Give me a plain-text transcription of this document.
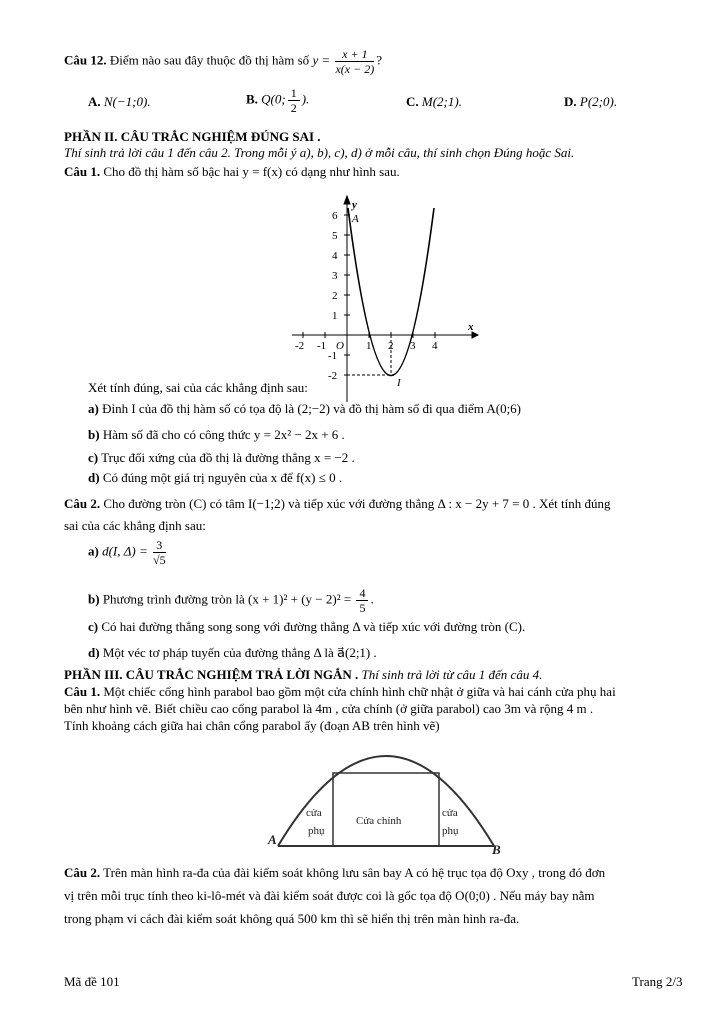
Câu 12. Điểm nào sau đây thuộc đồ thị hàm số $y = \frac{x + 1}{x(x - 2)}$ ?
A. N(−1;0).	B. Q(0; $\frac{1}{2}$ ).	C. M(2;1).	D. P(2;0).
PHẦN II. CÂU TRẮC NGHIỆM ĐÚNG SAI .
Thí sinh trả lời câu 1 đến câu 2. Trong mỗi ý a), b), c), d) ở mỗi câu, thí sinh chọn Đúng hoặc Sai.
Câu 1. Cho đồ thị hàm số bậc hai y = f(x) có dạng như hình sau.
6
5
4
3
2
1
-1
-2
-2 -1	1 2 3 4
O
y
x
A
I
Xét tính đúng, sai của các khẳng định sau:
a) Đỉnh I của đồ thị hàm số có tọa độ là (2;−2) và đồ thị hàm số đi qua điểm A(0;6)
b) Hàm số đã cho có công thức y = 2x² − 2x + 6 .
c) Trục đối xứng của đồ thị là đường thẳng x = −2 .
d) Có đúng một giá trị nguyên của x để f(x) ≤ 0 .
Câu 2. Cho đường tròn (C) có tâm I(−1;2) và tiếp xúc với đường thẳng Δ : x − 2y + 7 = 0 . Xét tính đúng
sai của các khẳng định sau:
a) d(I, $\Delta) = \frac{3}{√5}$
b) Phương trình đường tròn là $(x + 1)^2 + (y - 2)^2 = \frac{4}{5}$ .
c) Có hai đường thẳng song song với đường thẳng Δ và tiếp xúc với đường tròn (C).
d) Một véc tơ pháp tuyến của đường thẳng Δ là a⃗(2;1) .
PHẦN III. CÂU TRẮC NGHIỆM TRẢ LỜI NGẮN . Thí sinh trả lời từ câu 1 đến câu 4.
Câu 1. Một chiếc cổng hình parabol bao gồm một cửa chính hình chữ nhật ở giữa và hai cánh cửa phụ hai
bên như hình vẽ. Biết chiều cao cổng parabol là 4m , cửa chính (ở giữa parabol) cao 3m và rộng 4 m .
Tính khoảng cách giữa hai chân cổng parabol ấy (đoạn AB trên hình vẽ)
cửa
phụ
Cửa chính
cửa
phụ
A
B
Câu 2. Trên màn hình ra-đa của đài kiểm soát không lưu sân bay A có hệ trục tọa độ Oxy , trong đó đơn
vị trên mỗi trục tính theo ki-lô-mét và đài kiểm soát được coi là gốc tọa độ O(0;0) . Nếu máy bay nằm
trong phạm vi cách đài kiểm soát không quá 500 km thì sẽ hiển thị trên màn hình ra-đa.
Mã đề 101	Trang 2/3
